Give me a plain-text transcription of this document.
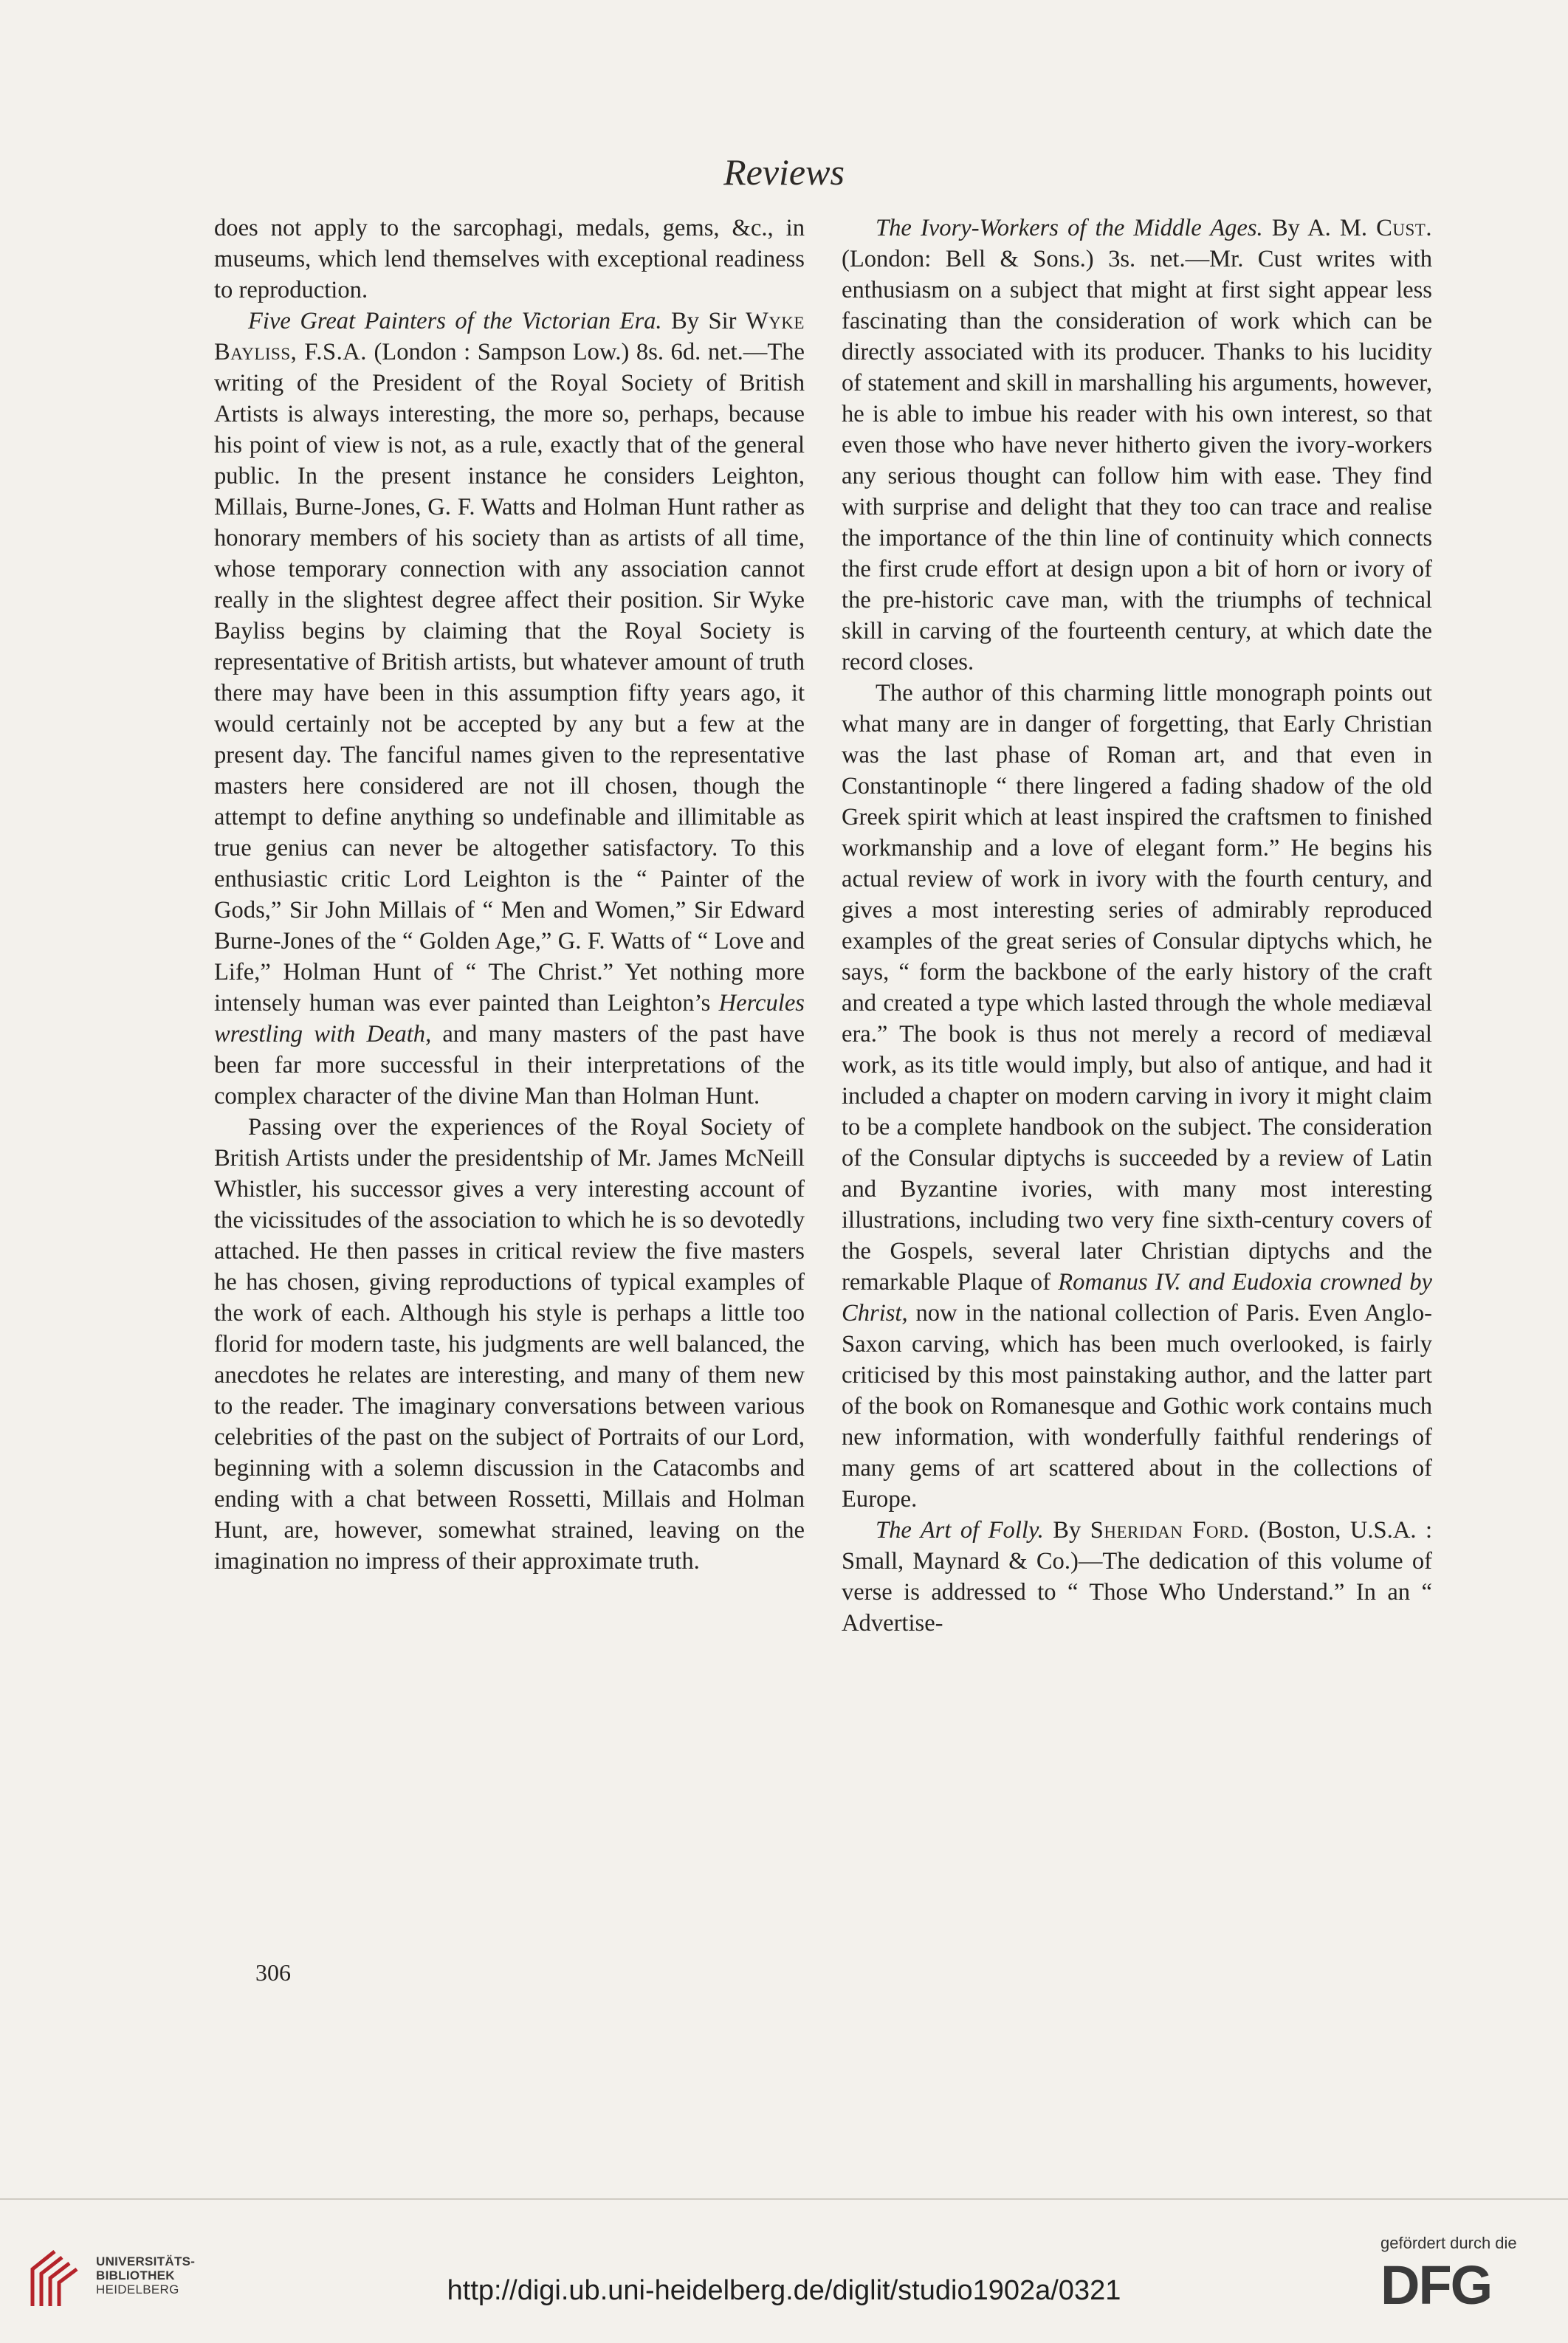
Reviews

does not apply to the sarcophagi, medals, gems, &c., in museums, which lend themselves with exceptional readiness to reproduction.

Five Great Painters of the Victorian Era. By Sir Wyke Bayliss, F.S.A. (London : Sampson Low.) 8s. 6d. net.—The writing of the President of the Royal Society of British Artists is always interesting, the more so, perhaps, because his point of view is not, as a rule, exactly that of the general public. In the present instance he considers Leighton, Millais, Burne-Jones, G. F. Watts and Holman Hunt rather as honorary members of his society than as artists of all time, whose temporary connection with any association cannot really in the slightest degree affect their position. Sir Wyke Bayliss begins by claiming that the Royal Society is representative of British artists, but whatever amount of truth there may have been in this assumption fifty years ago, it would certainly not be accepted by any but a few at the present day. The fanciful names given to the representative masters here considered are not ill chosen, though the attempt to define anything so undefinable and illimitable as true genius can never be altogether satisfactory. To this enthusiastic critic Lord Leighton is the “ Painter of the Gods,” Sir John Millais of “ Men and Women,” Sir Edward Burne-Jones of the “ Golden Age,” G. F. Watts of “ Love and Life,” Holman Hunt of “ The Christ.” Yet nothing more intensely human was ever painted than Leighton’s Hercules wrestling with Death, and many masters of the past have been far more successful in their interpretations of the complex character of the divine Man than Holman Hunt.

Passing over the experiences of the Royal Society of British Artists under the presidentship of Mr. James McNeill Whistler, his successor gives a very interesting account of the vicissitudes of the association to which he is so devotedly attached. He then passes in critical review the five masters he has chosen, giving reproductions of typical examples of the work of each. Although his style is perhaps a little too florid for modern taste, his judgments are well balanced, the anecdotes he relates are interesting, and many of them new to the reader. The imaginary conversations between various celebrities of the past on the subject of Portraits of our Lord, beginning with a solemn discussion in the Catacombs and ending with a chat between Rossetti, Millais and Holman Hunt, are, however, somewhat strained, leaving on the imagination no impress of their approximate truth.

The Ivory-Workers of the Middle Ages. By A. M. Cust. (London: Bell & Sons.) 3s. net.—Mr. Cust writes with enthusiasm on a subject that might at first sight appear less fascinating than the consideration of work which can be directly associated with its producer. Thanks to his lucidity of statement and skill in marshalling his arguments, however, he is able to imbue his reader with his own interest, so that even those who have never hitherto given the ivory-workers any serious thought can follow him with ease. They find with surprise and delight that they too can trace and realise the importance of the thin line of continuity which connects the first crude effort at design upon a bit of horn or ivory of the pre-historic cave man, with the triumphs of technical skill in carving of the fourteenth century, at which date the record closes.

The author of this charming little monograph points out what many are in danger of forgetting, that Early Christian was the last phase of Roman art, and that even in Constantinople “ there lingered a fading shadow of the old Greek spirit which at least inspired the craftsmen to finished workmanship and a love of elegant form.” He begins his actual review of work in ivory with the fourth century, and gives a most interesting series of admirably reproduced examples of the great series of Consular diptychs which, he says, “ form the backbone of the early history of the craft and created a type which lasted through the whole mediæval era.” The book is thus not merely a record of mediæval work, as its title would imply, but also of antique, and had it included a chapter on modern carving in ivory it might claim to be a complete handbook on the subject. The consideration of the Consular diptychs is succeeded by a review of Latin and Byzantine ivories, with many most interesting illustrations, including two very fine sixth-century covers of the Gospels, several later Christian diptychs and the remarkable Plaque of Romanus IV. and Eudoxia crowned by Christ, now in the national collection of Paris. Even Anglo-Saxon carving, which has been much overlooked, is fairly criticised by this most painstaking author, and the latter part of the book on Romanesque and Gothic work contains much new information, with wonderfully faithful renderings of many gems of art scattered about in the collections of Europe.

The Art of Folly. By Sheridan Ford. (Boston, U.S.A. : Small, Maynard & Co.)—The dedication of this volume of verse is addressed to “ Those Who Understand.” In an “ Advertise-

306
UNIVERSITÄTS-
BIBLIOTHEK
HEIDELBERG	http://digi.ub.uni-heidelberg.de/diglit/studio1902a/0321
gefördert durch die
DFG
